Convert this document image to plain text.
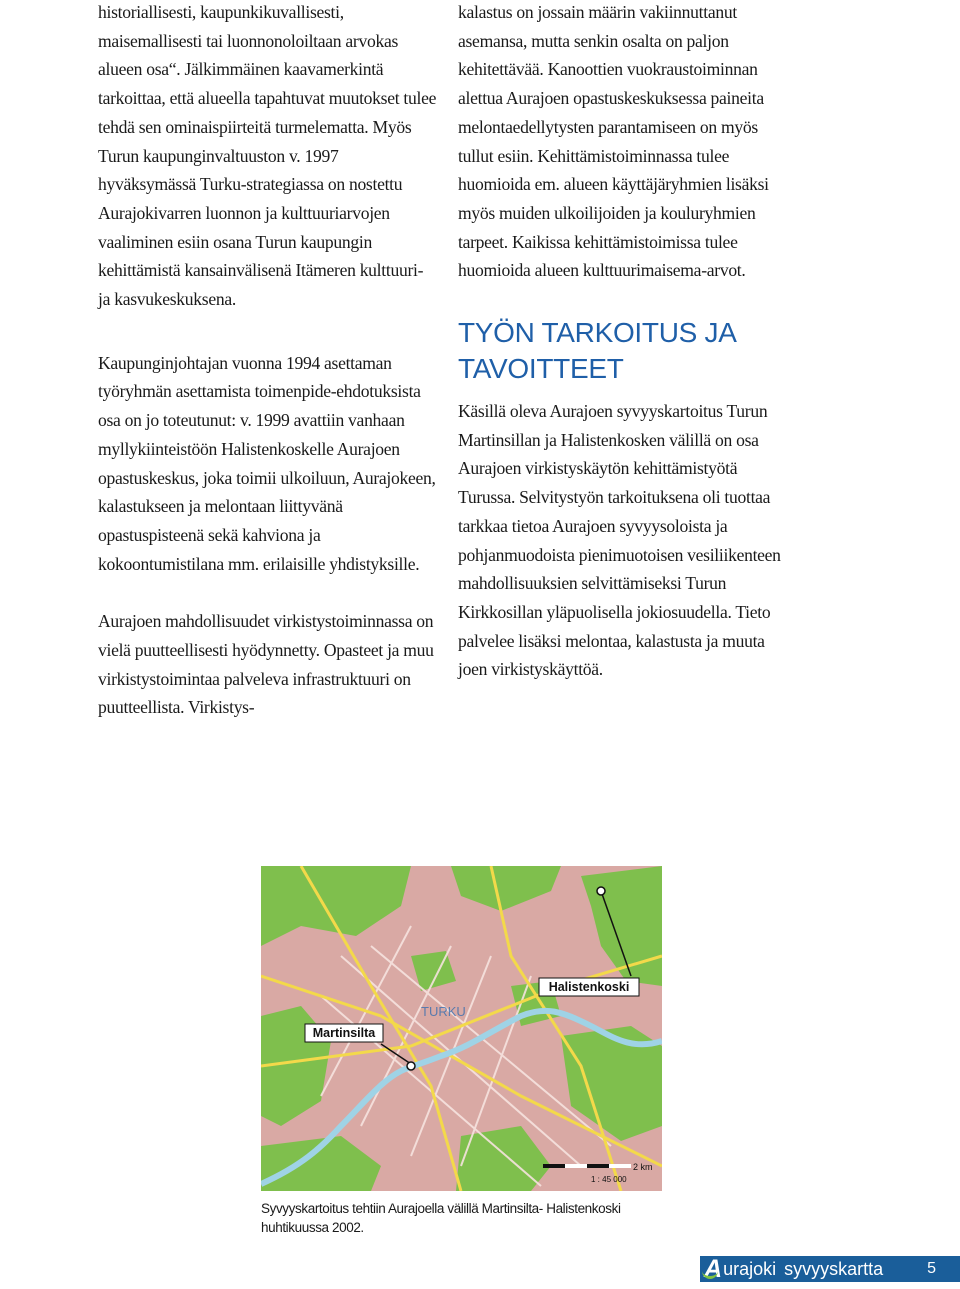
historiallisesti, kaupunkikuvallisesti, maisemallisesti tai luonnonoloiltaan arvokas alueen osa“. Jälkimmäinen kaavamerkintä tarkoittaa, että alueella tapahtuvat muutokset tulee tehdä sen ominaispiirteitä turmelematta. Myös Turun kaupunginvaltuuston v. 1997 hyväksymässä Turku-strategiassa on nostettu Aurajokivarren luonnon ja kulttuuriarvojen vaaliminen esiin osana Turun kaupungin kehittämistä kansainvälisenä Itämeren kulttuuri- ja kasvukeskuksena.

Kaupunginjohtajan vuonna 1994 asettaman työryhmän asettamista toimenpide-ehdotuksista osa on jo toteutunut: v. 1999 avattiin vanhaan myllykiinteistöön Halistenkoskelle Aurajoen opastuskeskus, joka toimii ulkoiluun, Aurajokeen, kalastukseen ja melontaan liittyvänä opastuspisteenä sekä kahviona ja kokoontumistilana mm. erilaisille yhdistyksille.

Aurajoen mahdollisuudet virkistystoiminnassa on vielä puutteellisesti hyödynnetty. Opasteet ja muu virkistystoimintaa palveleva infrastruktuuri on puutteellista. Virkistys-

kalastus on jossain määrin vakiinnuttanut asemansa, mutta senkin osalta on paljon kehitettävää. Kanoottien vuokraustoiminnan alettua Aurajoen opastuskeskuksessa paineita melontaedellytysten parantamiseen on myös tullut esiin. Kehittämistoiminnassa tulee huomioida em. alueen käyttäjäryhmien lisäksi myös muiden ulkoilijoiden ja kouluryhmien tarpeet. Kaikissa kehittämistoimissa tulee huomioida alueen kulttuurimaisema-arvot.

TYÖN TARKOITUS JA
TAVOITTEET

Käsillä oleva Aurajoen syvyyskartoitus Turun Martinsillan ja Halistenkosken välillä on osa Aurajoen virkistyskäytön kehittämistyötä Turussa. Selvitystyön tarkoituksena oli tuottaa tarkkaa tietoa Aurajoen syvyysoloista ja pohjanmuodoista pienimuotoisen vesiliikenteen mahdollisuuksien selvittämiseksi Turun Kirkkosillan yläpuolisella jokiosuudella. Tieto palvelee lisäksi melontaa, kalastusta ja muuta joen virkistyskäyttöä.

Halistenkoski
Martinsilta
TURKU
2 km
1 : 45 000
Syvyyskartoitus tehtiin Aurajoella välillä Martinsilta- Halistenkoski huhtikuussa 2002.
A urajoki syvyyskartta	5
